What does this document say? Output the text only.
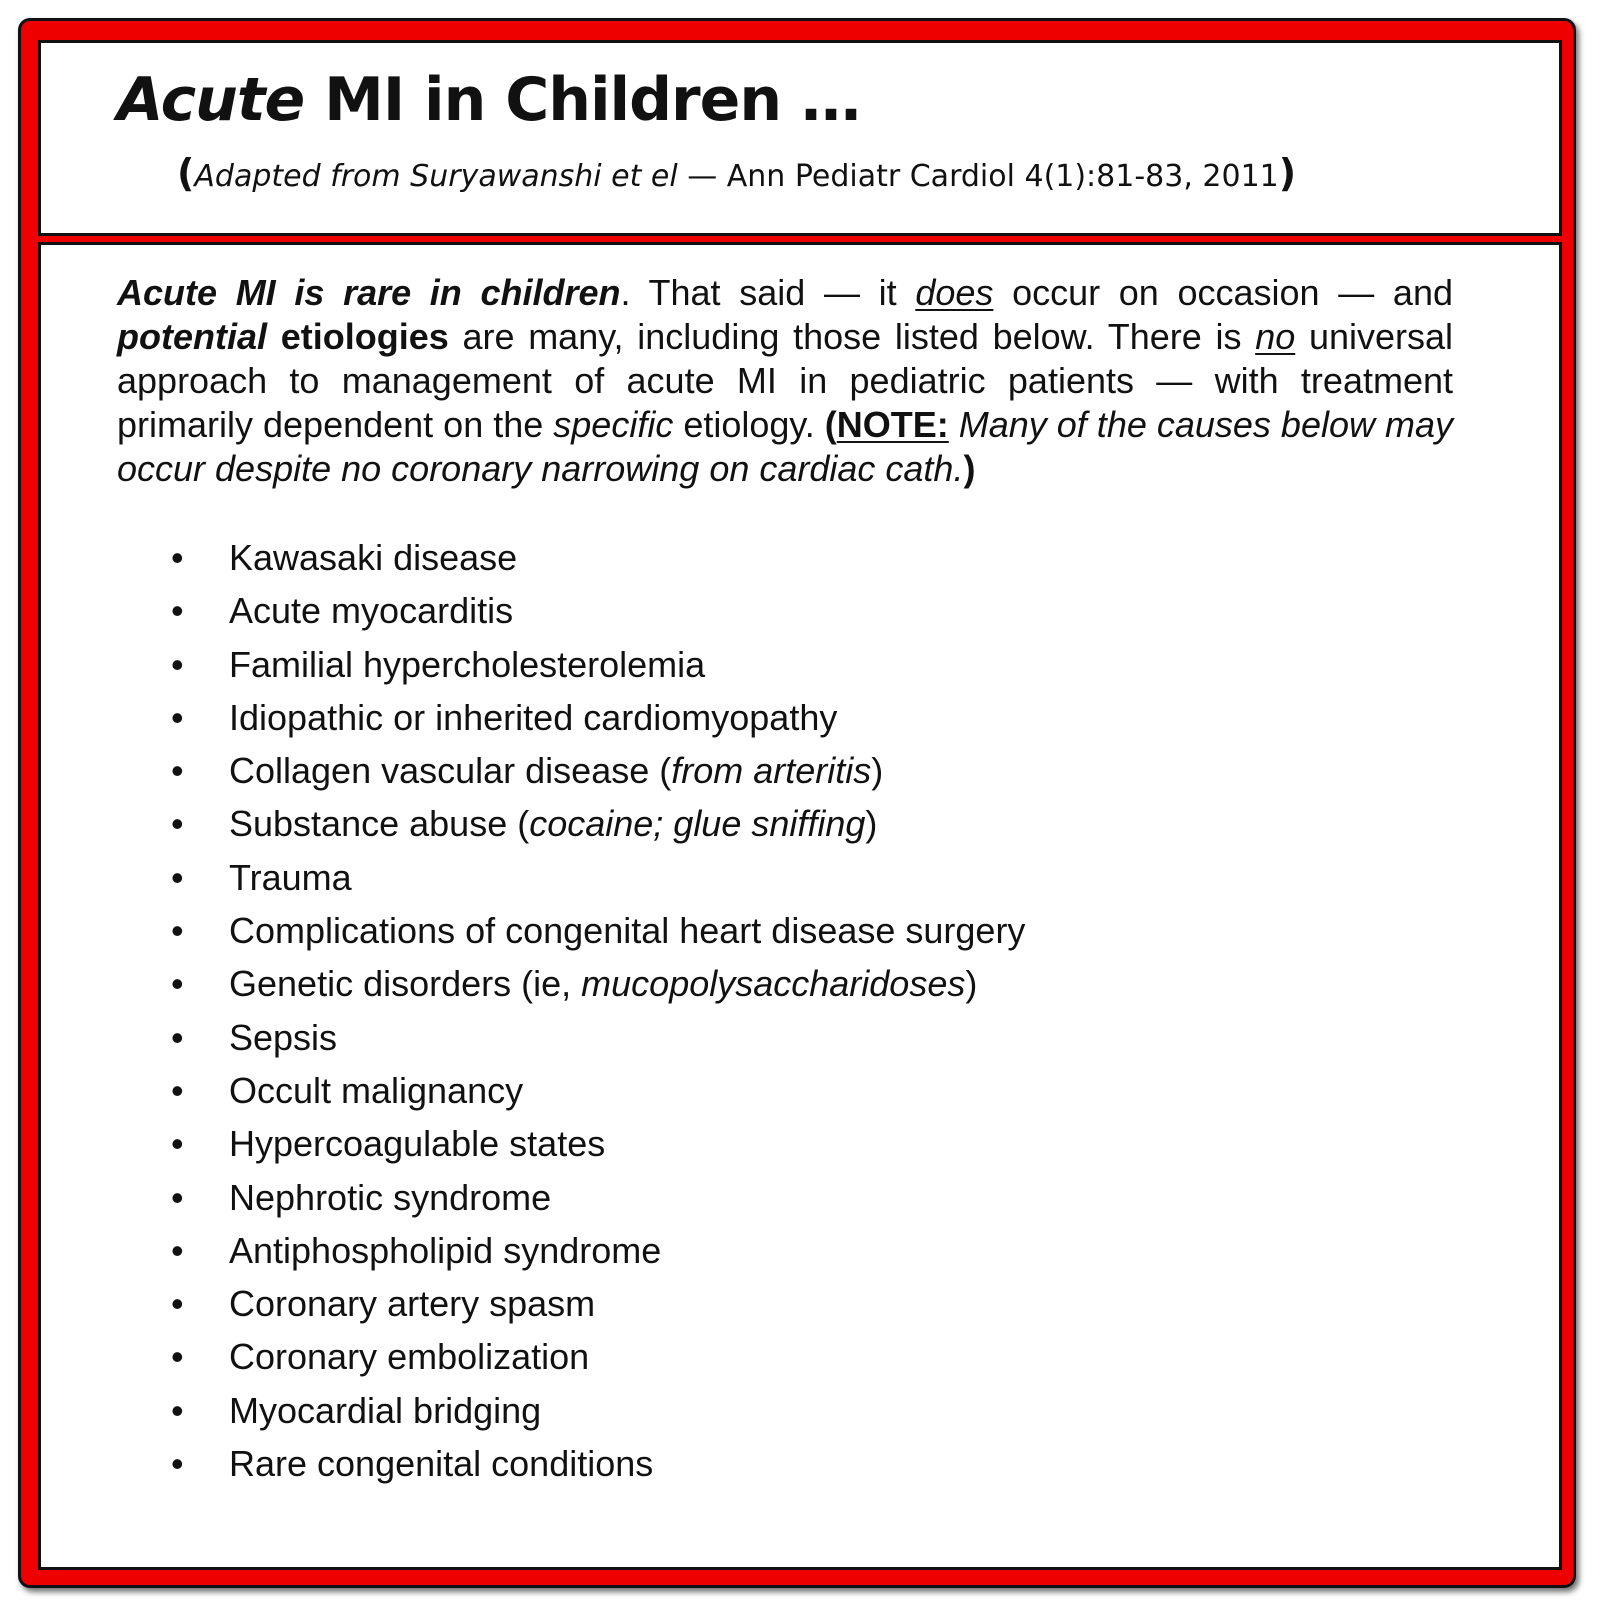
Acute MI in Children …

(Adapted from Suryawanshi et el — Ann Pediatr Cardiol 4(1):81-83, 2011)

Acute MI is rare in children. That said — it does occur on occasion — and potential etiologies are many, including those listed below. There is no universal approach to management of acute MI in pediatric patients — with treatment primarily dependent on the specific etiology. (NOTE: Many of the causes below may occur despite no coronary narrowing on cardiac cath.)

• Kawasaki disease
• Acute myocarditis
• Familial hypercholesterolemia
• Idiopathic or inherited cardiomyopathy
• Collagen vascular disease (from arteritis)
• Substance abuse (cocaine; glue sniffing)
• Trauma
• Complications of congenital heart disease surgery
• Genetic disorders (ie, mucopolysaccharidoses)
• Sepsis
• Occult malignancy
• Hypercoagulable states
• Nephrotic syndrome
• Antiphospholipid syndrome
• Coronary artery spasm
• Coronary embolization
• Myocardial bridging
• Rare congenital conditions
